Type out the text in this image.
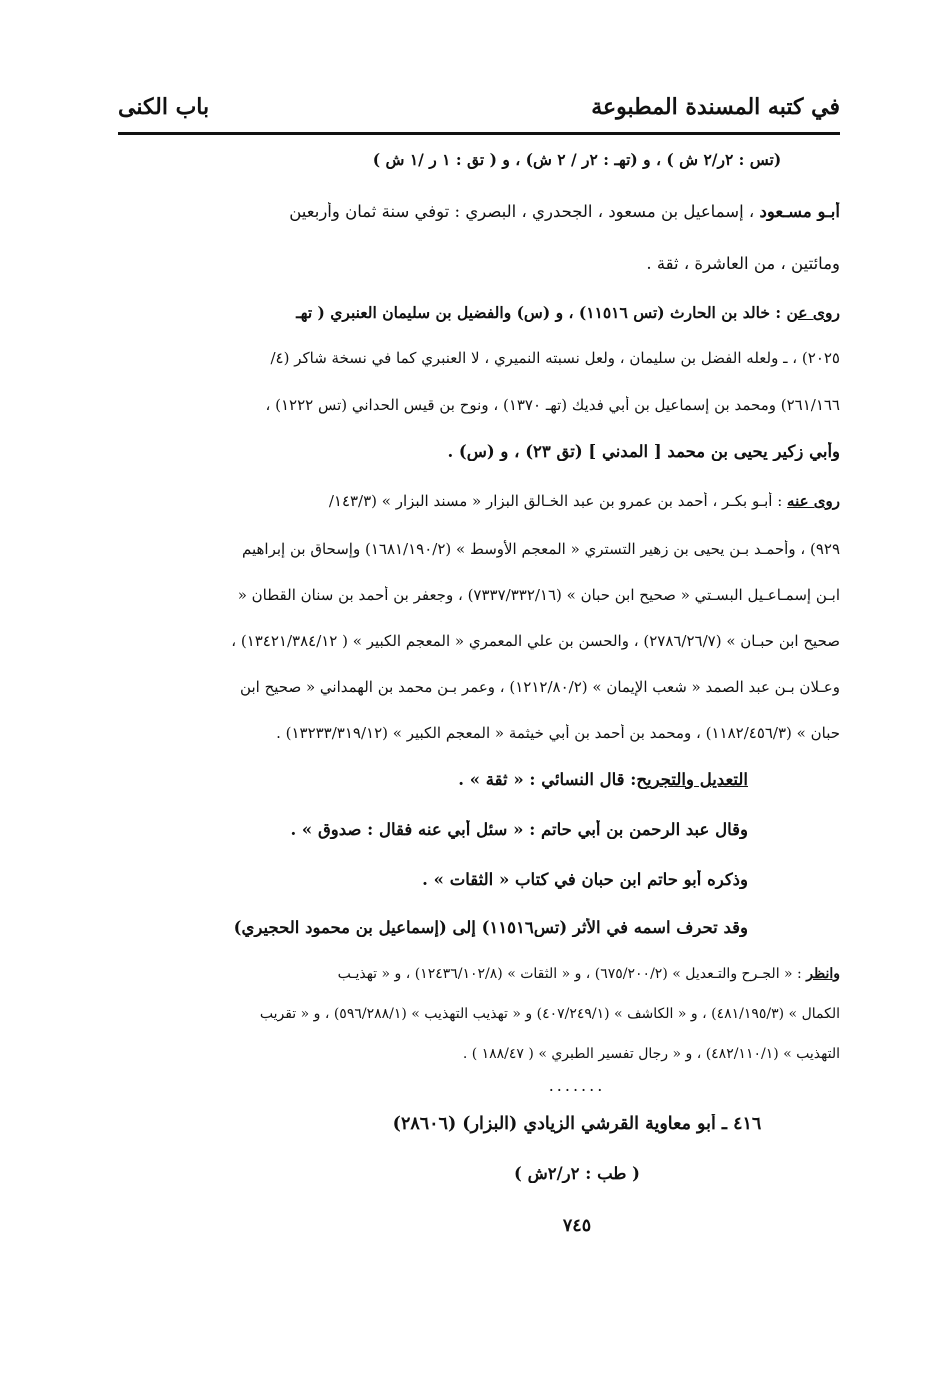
في كتبه المسندة المطبوعة
باب الكنى
(تس : ٢ر/٢ ش ) ، و (تهـ : ٢ر / ٢ ش) ، و ( تق : ١ ر /١ ش )
أبـو مسـعود ، إسماعيل بن مسعود ، الجحدري ، البصري : توفي سنة ثمان وأربعين
ومائتين ، من العاشرة ، ثقة .
روى عن : خالد بن الحارث (تس ١١٥١٦) ، و (س) والفضيل بن سليمان العنبري ( تهـ
٢٠٢٥) ، ـ ولعله الفضل بن سليمان ، ولعل نسبته النميري ، لا العنبري كما في نسخة شاكر (٤/
٢٦١/١٦٦) ومحمد بن إسماعيل بن أبي فديك (تهـ ١٣٧٠) ، ونوح بن قيس الحداني (تس ١٢٢٢) ،
وأبي زكير يحيى بن محمد [ المدني ] (تق ٢٣) ، و (س) .
روى عنه : أبـو بكـر ، أحمد بن عمرو بن عبد الخـالق البزار « مسند البزار » (١٤٣/٣/
٩٢٩) ، وأحمـد بـن يحيى بن زهير التستري « المعجم الأوسط » (١٦٨١/١٩٠/٢) وإسحاق بن إبراهيم
ابـن إسمـاعـيل البسـتي « صحيح ابن حبان » (٧٣٣٧/٣٣٢/١٦) ، وجعفر بن أحمد بن سنان القطان «
صحيح ابن حبـان » (٢٧٨٦/٢٦/٧) ، والحسن بن علي المعمري « المعجم الكبير » ( ١٣٤٢١/٣٨٤/١٢) ،
وعـلان بـن عبد الصمد « شعب الإيمان » (١٢١٢/٨٠/٢) ، وعمر بـن محمد بن الهمداني « صحيح ابن
حبان » (١١٨٢/٤٥٦/٣) ، ومحمد بن أحمد بن أبي خيثمة « المعجم الكبير » (١٣٢٣٣/٣١٩/١٢) .
التعديل والتجريح: قال النسائي : « ثقة » .
وقال عبد الرحمن بن أبي حاتم : « سئل أبي عنه فقال : صدوق » .
وذكره أبو حاتم ابن حبان في كتاب « الثقات » .
وقد تحرف اسمه في الأثر (تس١١٥١٦) إلى (إسماعيل بن محمود الحجيري)
وانظر : « الجـرح والتـعديل » (٦٧٥/٢٠٠/٢) ، و « الثقات » (١٢٤٣٦/١٠٢/٨) ، و « تهذيـب
الكمال » (٤٨١/١٩٥/٣) ، و « الكاشف » (٤٠٧/٢٤٩/١) و « تهذيب التهذيب » (٥٩٦/٢٨٨/١) ، و « تقريب
التهذيب » (٤٨٢/١١٠/١) ، و « رجال تفسير الطبري » ( ١٨٨/٤٧ ) .
.......
٤١٦ ـ أبو معاوية القرشي الزيادي (البزار) (٢٨٦٠٦)
( طب : ٢ر/٢ش )
٧٤٥
